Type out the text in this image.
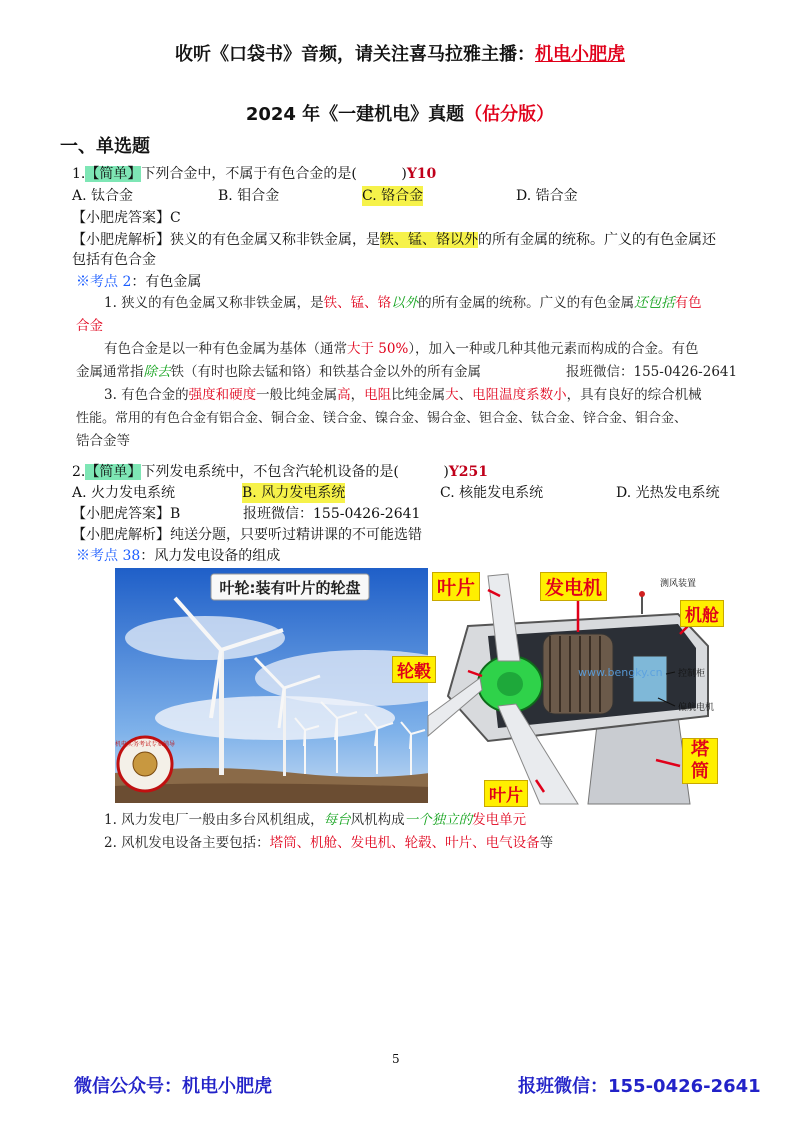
收听《口袋书》音频，请关注喜马拉雅主播：机电小肥虎
2024 年《一建机电》真题（估分版）
一、单选题
1.【简单】下列合金中，不属于有色合金的是(	)Y10
A. 钛合金	B. 钼合金	C. 铬合金	D. 锆合金
【小肥虎答案】C
【小肥虎解析】狭义的有色金属又称非铁金属，是铁、锰、铬以外的所有金属的统称。广义的有色金属还
包括有色合金
※考点 2：有色金属
1. 狭义的有色金属又称非铁金属，是铁、锰、铬以外的所有金属的统称。广义的有色金属还包括有色
合金
有色合金是以一种有色金属为基体（通常大于 50%），加入一种或几种其他元素而构成的合金。有色
金属通常指除去铁（有时也除去锰和铬）和铁基合金以外的所有金属	报班微信：155-0426-2641
3. 有色合金的强度和硬度一般比纯金属高，电阻比纯金属大、电阻温度系数小，具有良好的综合机械
性能。常用的有色合金有铝合金、铜合金、镁合金、镍合金、锡合金、钽合金、钛合金、锌合金、钼合金、
锆合金等
2.【简单】下列发电系统中，不包含汽轮机设备的是(	)Y251
A. 火力发电系统	B. 风力发电系统	C. 核能发电系统	D. 光热发电系统
【小肥虎答案】B	报班微信：155-0426-2641
【小肥虎解析】纯送分题，只要听过精讲课的不可能选错
※考点 38：风力发电设备的组成
叶轮:装有叶片的轮盘
机电实务考试专业辅导
www.bengky.cn
测风装置
控制柜
偏航电机
叶片	发电机
机舱
轮毂
塔筒
叶片
1. 风力发电厂一般由多台风机组成，每台风机构成一个独立的发电单元
2. 风机发电设备主要包括：塔筒、机舱、发电机、轮毂、叶片、电气设备等
5
微信公众号：机电小肥虎	报班微信：155-0426-2641
